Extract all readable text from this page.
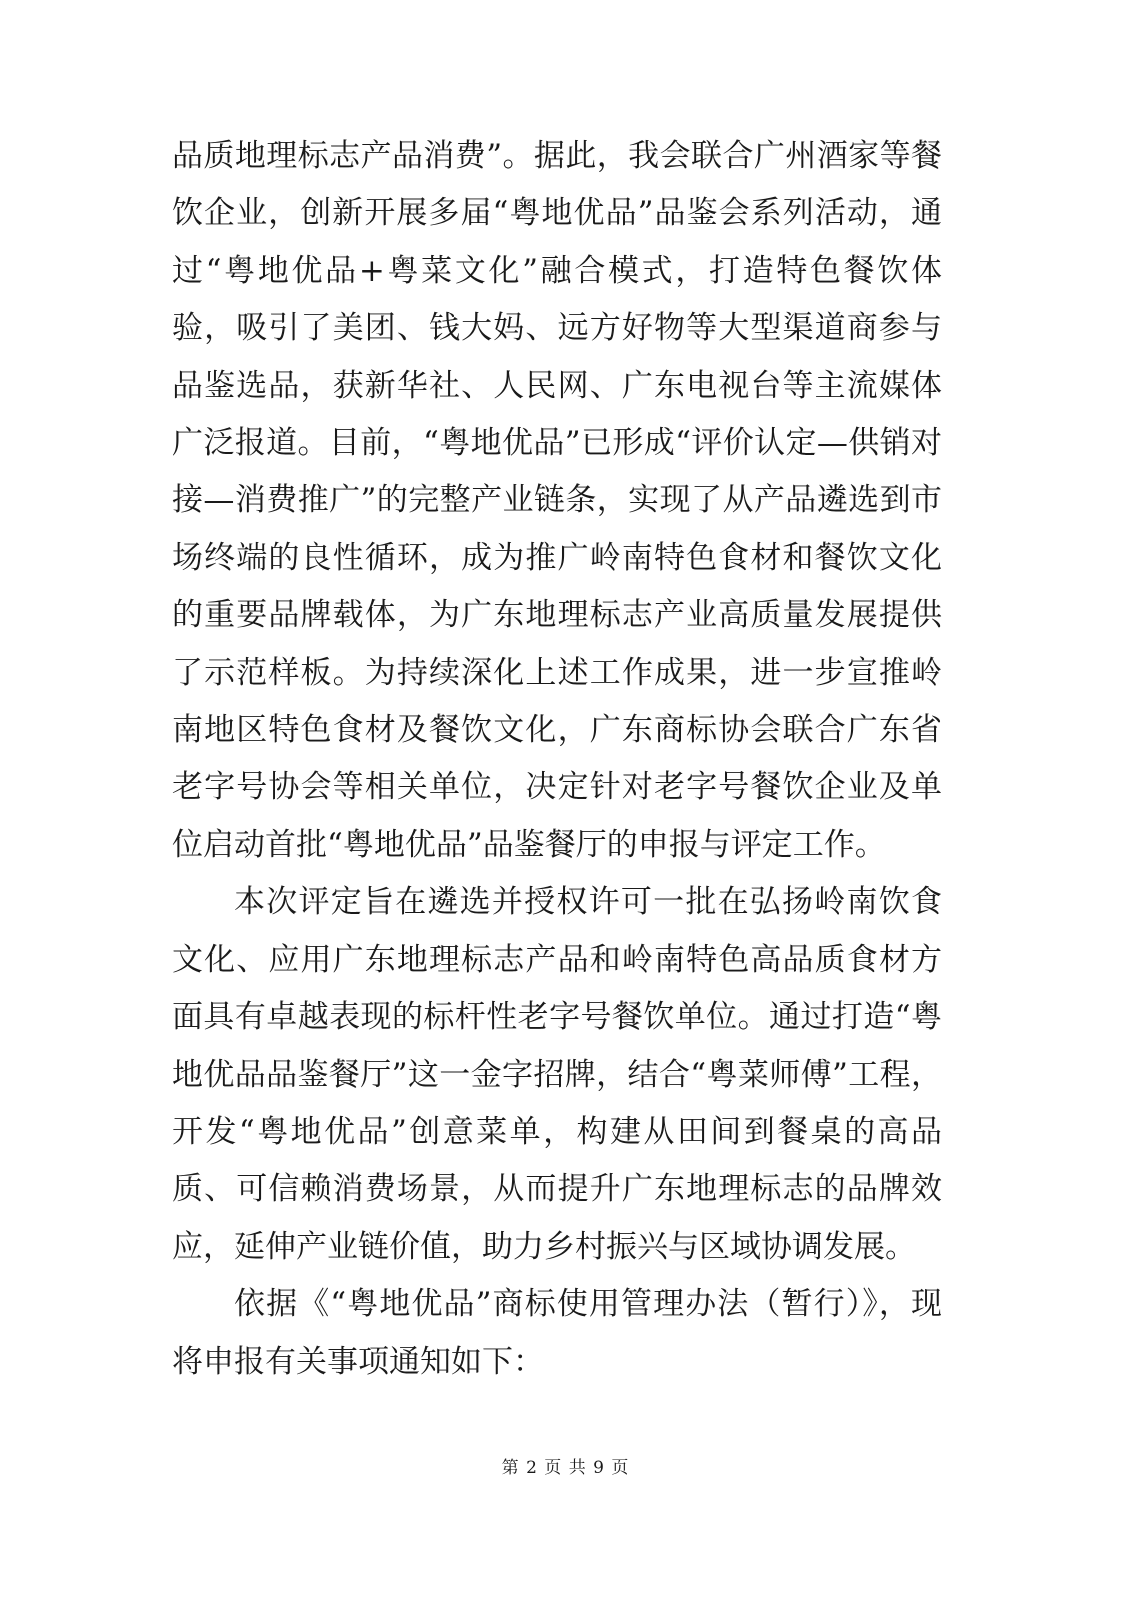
品质地理标志产品消费”。据此，我会联合广州酒家等餐饮企业，创新开展多届“粤地优品”品鉴会系列活动，通过“粤地优品+粤菜文化”融合模式，打造特色餐饮体验，吸引了美团、钱大妈、远方好物等大型渠道商参与品鉴选品，获新华社、人民网、广东电视台等主流媒体广泛报道。目前，“粤地优品”已形成“评价认定—供销对接—消费推广”的完整产业链条，实现了从产品遴选到市场终端的良性循环，成为推广岭南特色食材和餐饮文化的重要品牌载体，为广东地理标志产业高质量发展提供了示范样板。为持续深化上述工作成果，进一步宣推岭南地区特色食材及餐饮文化，广东商标协会联合广东省老字号协会等相关单位，决定针对老字号餐饮企业及单位启动首批“粤地优品”品鉴餐厅的申报与评定工作。

本次评定旨在遴选并授权许可一批在弘扬岭南饮食文化、应用广东地理标志产品和岭南特色高品质食材方面具有卓越表现的标杆性老字号餐饮单位。通过打造“粤地优品品鉴餐厅”这一金字招牌，结合“粤菜师傅”工程，开发“粤地优品”创意菜单，构建从田间到餐桌的高品质、可信赖消费场景，从而提升广东地理标志的品牌效应，延伸产业链价值，助力乡村振兴与区域协调发展。

依据《“粤地优品”商标使用管理办法（暂行）》，现将申报有关事项通知如下：

第 2 页 共 9 页
